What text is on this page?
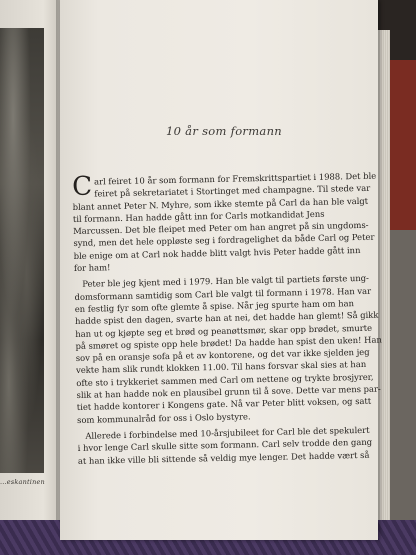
...eskantinen
10 år som formann
Carl feiret 10 år som formann for Fremskrittspartiet i 1988. Det ble
feiret på sekretariatet i Stortinget med champagne. Til stede var
blant annet Peter N. Myhre, som ikke stemte på Carl da han ble valgt
til formann. Han hadde gått inn for Carls motkandidat Jens
Marcussen. Det ble fleipet med Peter om han angret på sin ungdoms-
synd, men det hele oppløste seg i fordragelighet da både Carl og Peter
ble enige om at Carl nok hadde blitt valgt hvis Peter hadde gått inn
for ham!
Peter ble jeg kjent med i 1979. Han ble valgt til partiets første ung-
domsformann samtidig som Carl ble valgt til formann i 1978. Han var
en festlig fyr som ofte glemte å spise. Når jeg spurte ham om han
hadde spist den dagen, svarte han at nei, det hadde han glemt! Så gikk
han ut og kjøpte seg et brød og peanøttsmør, skar opp brødet, smurte
på smøret og spiste opp hele brødet! Da hadde han spist den uken! Han
sov på en oransje sofa på et av kontorene, og det var ikke sjelden jeg
vekte ham slik rundt klokken 11.00. Til hans forsvar skal sies at han
ofte sto i trykkeriet sammen med Carl om nettene og trykte brosjyrer,
slik at han hadde nok en plausibel grunn til å sove. Dette var mens par-
tiet hadde kontorer i Kongens gate. Nå var Peter blitt voksen, og satt
som kommunalråd for oss i Oslo bystyre.
Allerede i forbindelse med 10-årsjubileet for Carl ble det spekulert
i hvor lenge Carl skulle sitte som formann. Carl selv trodde den gang
at han ikke ville bli sittende så veldig mye lenger. Det hadde vært så
